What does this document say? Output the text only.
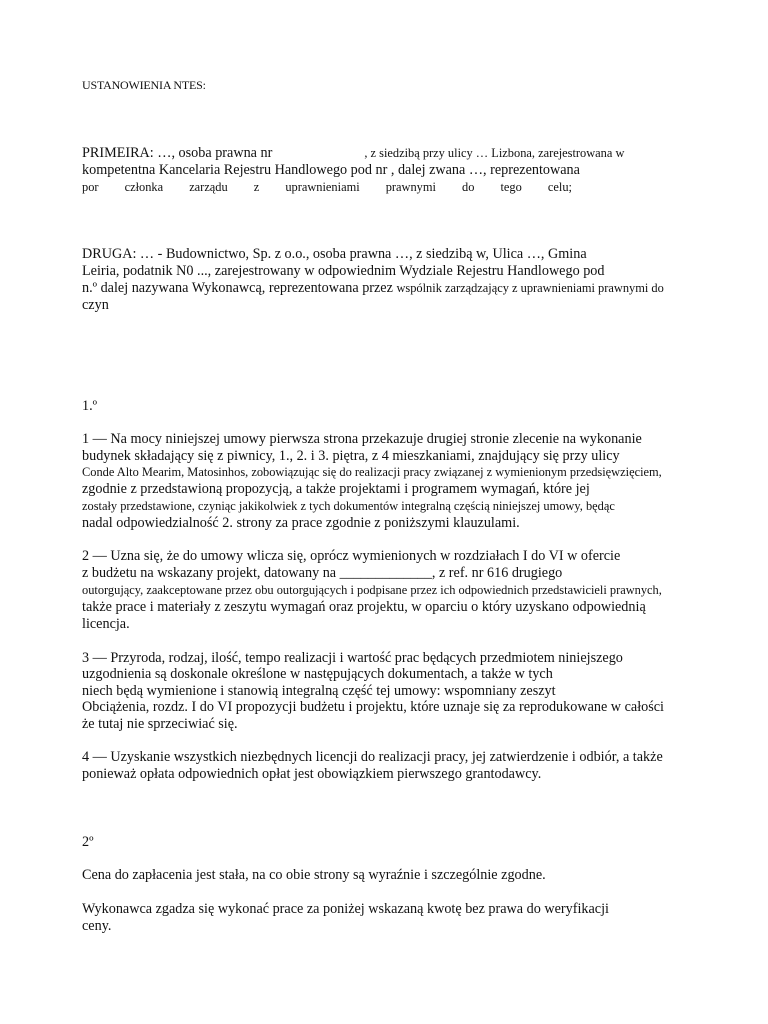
USTANOWIENIA NTES:
PRIMEIRA: …, osoba prawna nr	, z siedzibą przy ulicy … Lizbona, zarejestrowana w
kompetentna Kancelaria Rejestru Handlowego pod nr , dalej zwana …, reprezentowana
por członka zarządu z uprawnieniami prawnymi do tego celu;
DRUGA: … - Budownictwo, Sp. z o.o., osoba prawna …, z siedzibą w, Ulica …, Gmina
Leiria, podatnik N0 ..., zarejestrowany w odpowiednim Wydziale Rejestru Handlowego pod
n.º dalej nazywana Wykonawcą, reprezentowana przez wspólnik zarządzający z uprawnieniami prawnymi do
czyn
1.º
1 — Na mocy niniejszej umowy pierwsza strona przekazuje drugiej stronie zlecenie na wykonanie
budynek składający się z piwnicy, 1., 2. i 3. piętra, z 4 mieszkaniami, znajdujący się przy ulicy
Conde Alto Mearim, Matosinhos, zobowiązując się do realizacji pracy związanej z wymienionym przedsięwzięciem,
zgodnie z przedstawioną propozycją, a także projektami i programem wymagań, które jej
zostały przedstawione, czyniąc jakikolwiek z tych dokumentów integralną częścią niniejszej umowy, będąc
nadal odpowiedzialność 2. strony za prace zgodnie z poniższymi klauzulami.
2 — Uzna się, że do umowy wlicza się, oprócz wymienionych w rozdziałach I do VI w ofercie
z budżetu na wskazany projekt, datowany na _____________, z ref. nr 616 drugiego
outorgujący, zaakceptowane przez obu outorgujących i podpisane przez ich odpowiednich przedstawicieli prawnych,
także prace i materiały z zeszytu wymagań oraz projektu, w oparciu o który uzyskano odpowiednią
licencja.
3 — Przyroda, rodzaj, ilość, tempo realizacji i wartość prac będących przedmiotem niniejszego
uzgodnienia są doskonale określone w następujących dokumentach, a także w tych
niech będą wymienione i stanowią integralną część tej umowy: wspomniany zeszyt
Obciążenia, rozdz. I do VI propozycji budżetu i projektu, które uznaje się za reprodukowane w całości
że tutaj nie sprzeciwiać się.
4 — Uzyskanie wszystkich niezbędnych licencji do realizacji pracy, jej zatwierdzenie i odbiór, a także
ponieważ opłata odpowiednich opłat jest obowiązkiem pierwszego grantodawcy.
2º
Cena do zapłacenia jest stała, na co obie strony są wyraźnie i szczególnie zgodne.
Wykonawca zgadza się wykonać prace za poniżej wskazaną kwotę bez prawa do weryfikacji
ceny.
